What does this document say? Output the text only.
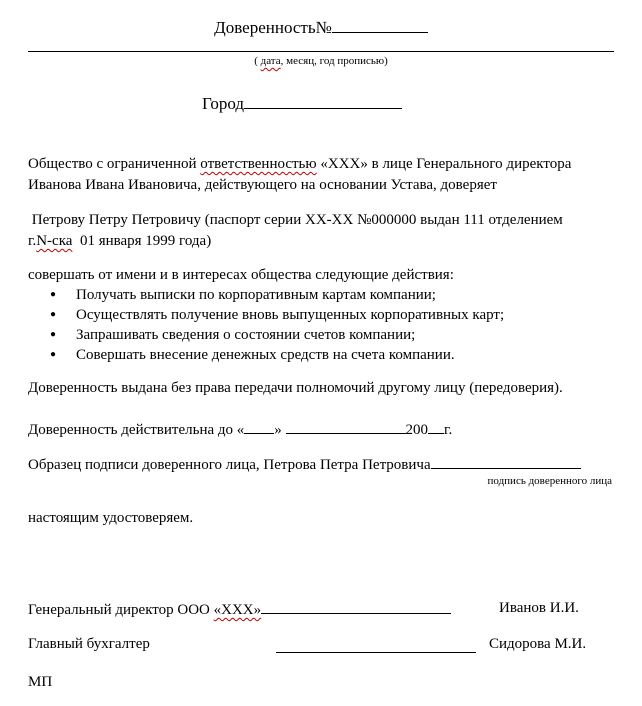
Доверенность№
( дата, месяц, год прописью)
Город
Общество с ограниченной ответственностью «XXX» в лице Генерального директора
Иванова Ивана Ивановича, действующего на основании Устава, доверяет
Петрову Петру Петровичу (паспорт серии XX-XX №000000 выдан 111 отделением
г.N-ска  01 января 1999 года)
совершать от имени и в интересах общества следующие действия:
● Получать выписки по корпоративным картам компании;
● Осуществлять получение вновь выпущенных корпоративных карт;
● Запрашивать сведения о состоянии счетов компании;
● Совершать внесение денежных средств на счета компании.
Доверенность выдана без права передачи полномочий другому лицу (передоверия).
Доверенность действительна до « »	200 г.
Образец подписи доверенного лица, Петрова Петра Петровича
подпись доверенного лица
настоящим удостоверяем.
Генеральный директор ООО «XXX»	Иванов И.И.
Главный бухгалтер	Сидорова М.И.
МП
